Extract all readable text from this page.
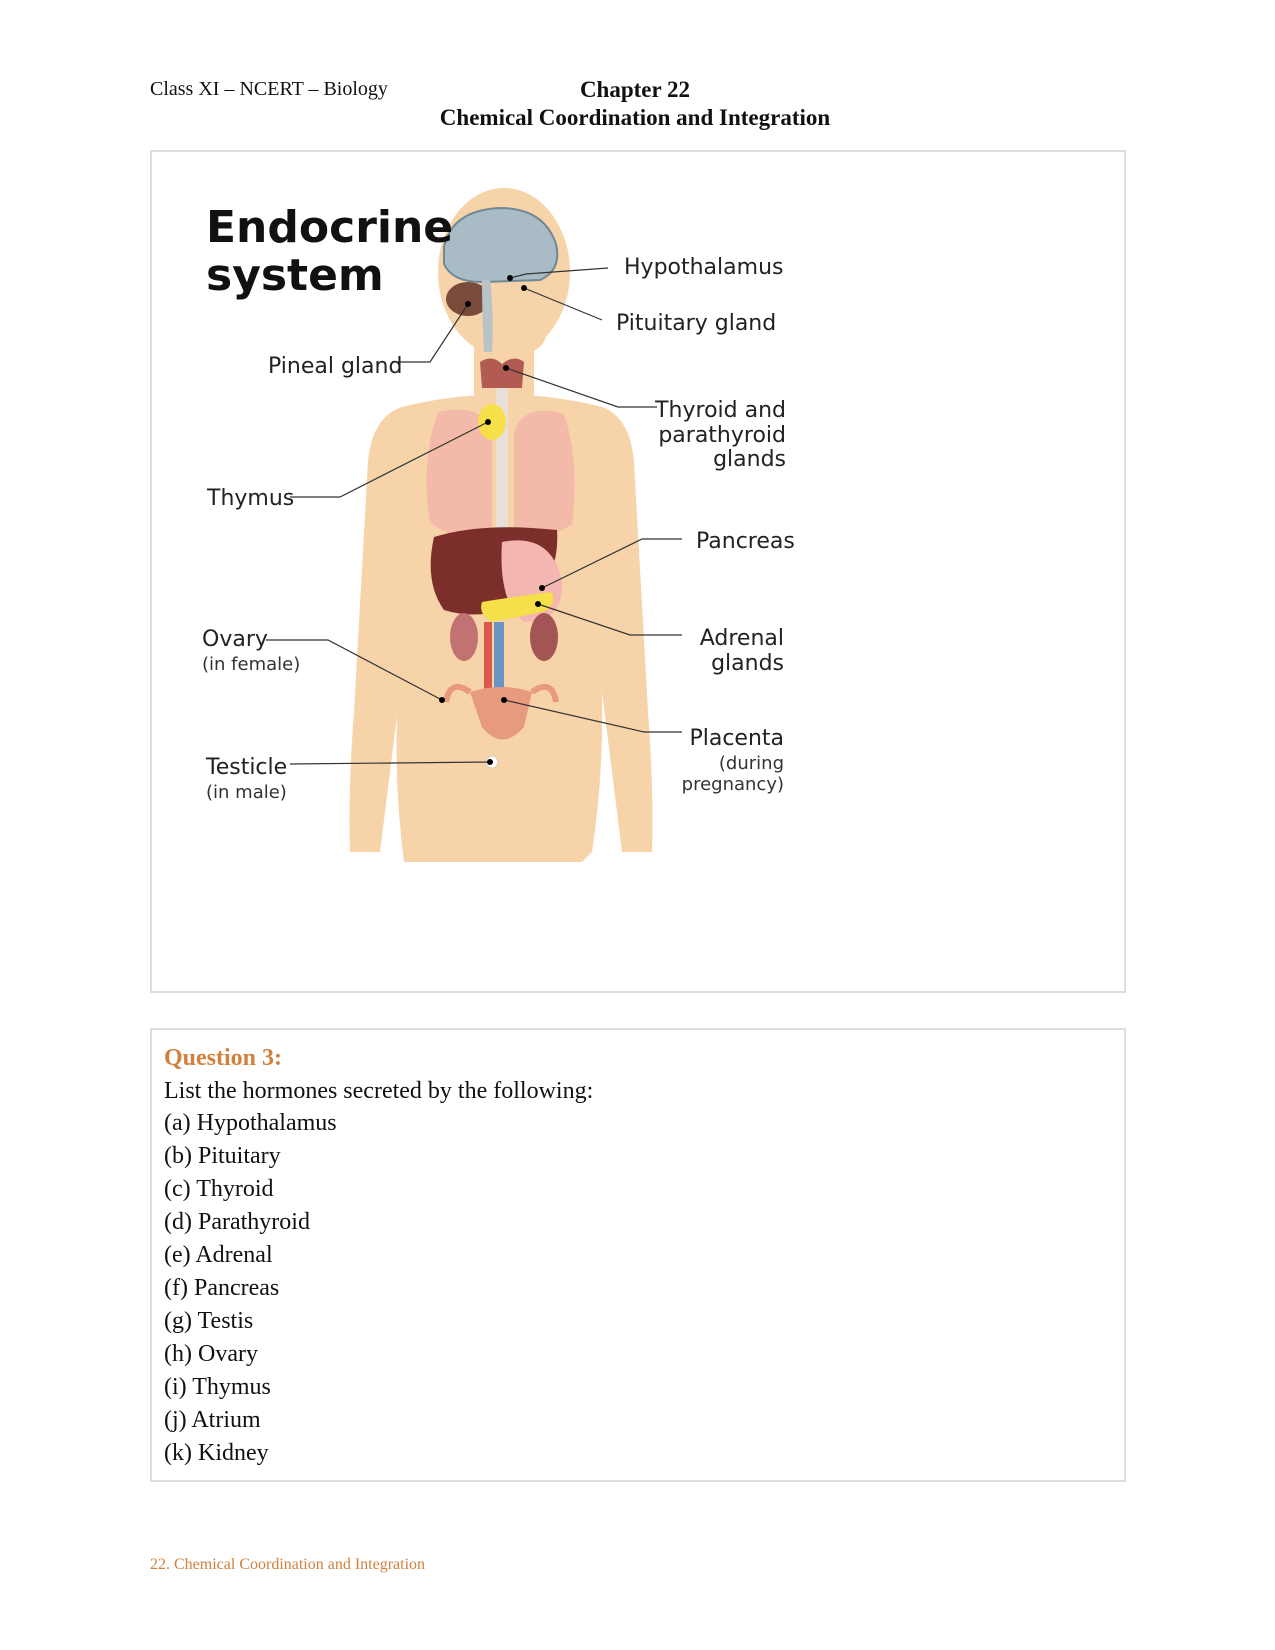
Class XI – NCERT – Biology	Chapter 22
Chemical Coordination and Integration
Endocrine
system	Hypothalamus
Pituitary gland
Pineal gland
Thyroid and
parathyroid
glands
Thymus
Pancreas
Ovary
(in female)
Adrenal
glands
Placenta
(during
pregnancy)
Testicle
(in male)
Question 3:
List the hormones secreted by the following:
(a) Hypothalamus
(b) Pituitary
(c) Thyroid
(d) Parathyroid
(e) Adrenal
(f) Pancreas
(g) Testis
(h) Ovary
(i) Thymus
(j) Atrium
(k) Kidney
22. Chemical Coordination and Integration
